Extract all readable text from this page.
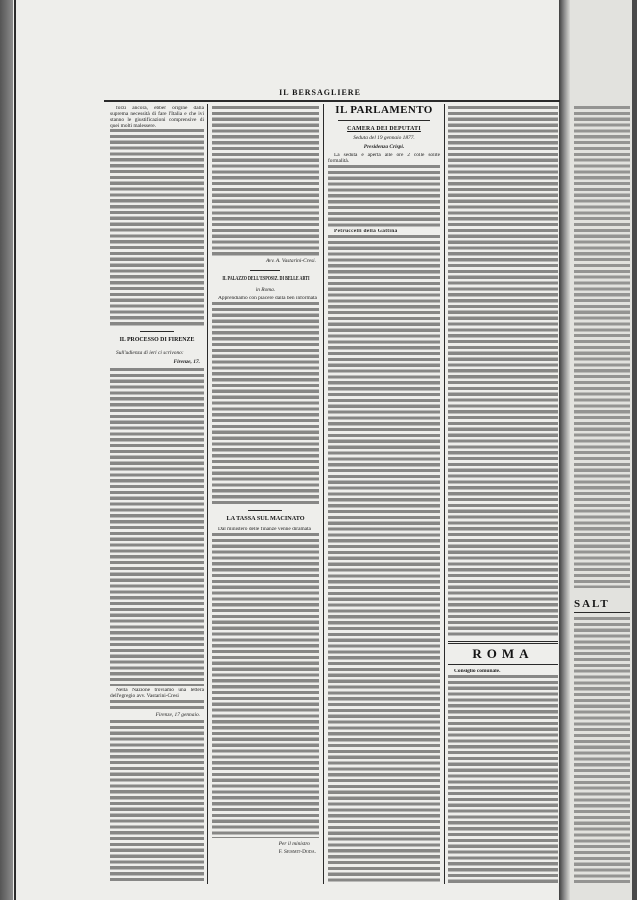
IL BERSAGLIERE

forzi ancora, ebber origine dalla suprema necessità di fare l'Italia e che ivi stanno le giustificazioni comprensive di quei molti malessere.

IL PROCESSO DI FIRENZE
Sull'udienza di ieri ci scrivono:
Firenze, 17.

Nella Nazione troviamo una lettera dell'egregio avv. Vastarini-Cresi

Firenze, 17 gennaio.
Avv. A. Vastarini-Cresi.
IL PALAZZO DELL'ESPOSIZ. DI BELLE ARTI
in Roma.

Apprendiamo con piacere dalla ben informata

LA TASSA SUL MACINATO

Dal ministero delle finanze venne diramata

Per il ministro
F. Seismit-Doda.
IL PARLAMENTO
CAMERA DEI DEPUTATI
Seduta del 19 gennaio 1877.
Presidenza Crispi.

La seduta è aperta alle ore 2 colle solite formalità.

Petruccelli della Gattina

ROMA

Consiglio comunale.

SALT
